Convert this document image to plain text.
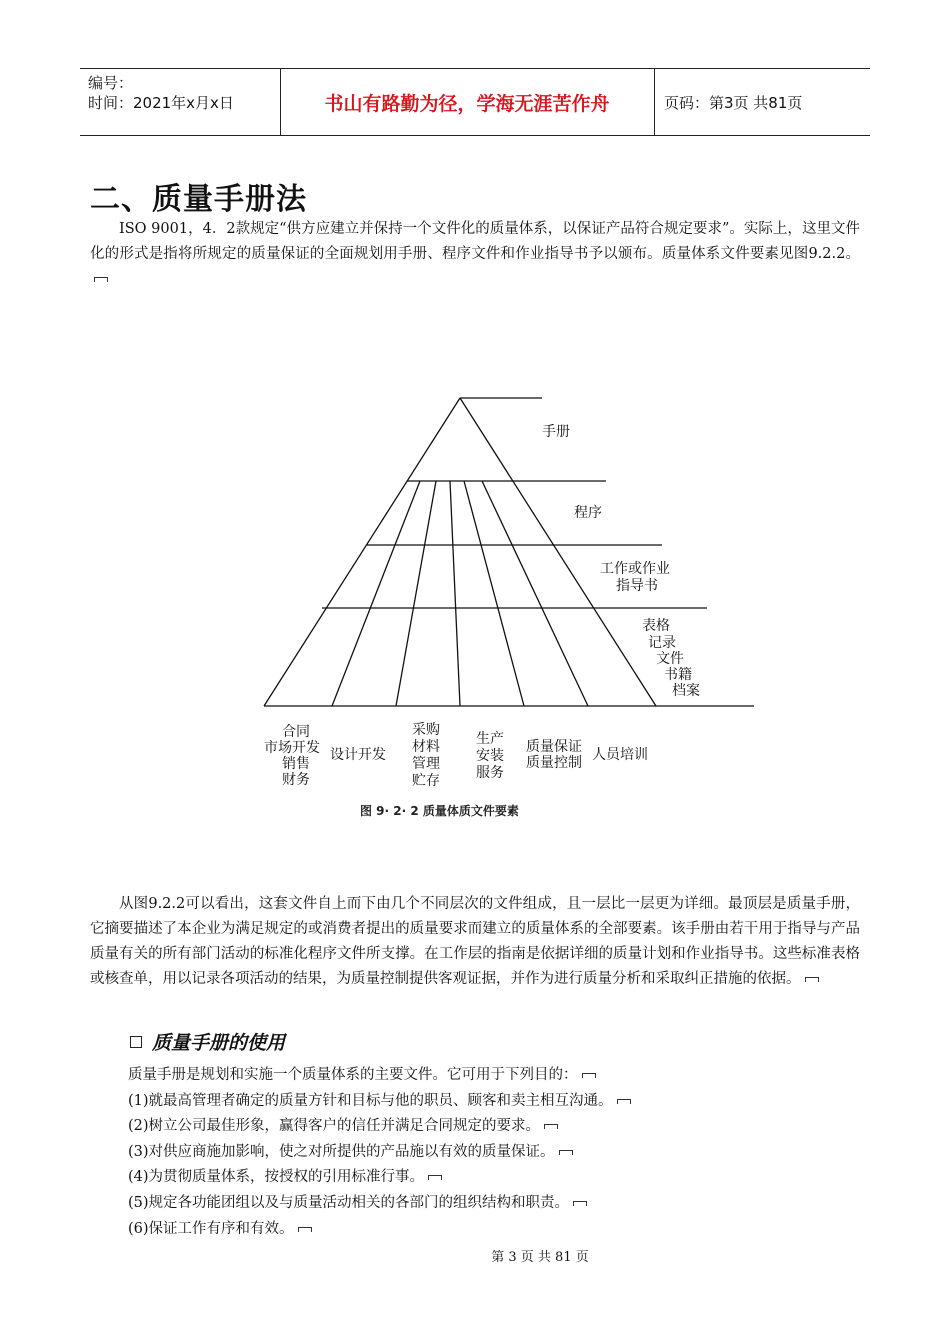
编号：
时间：2021年x月x日	书山有路勤为径，学海无涯苦作舟	页码：第3页 共81页
二、质量手册法

ISO 9001，4．2款规定“供方应建立并保持一个文件化的质量体系，以保证产品符合规定要求”。实际上，这里文件化的形式是指将所规定的质量保证的全面规划用手册、程序文件和作业指导书予以颁布。质量体系文件要素见图9.2.2。

手册
程序
工作或作业
指导书
表格
记录
文件
书籍
档案
合同
市场开发
销售
财务
设计开发
采购
材料
管理
贮存
生产
安装
服务
质量保证
质量控制 人员培训
图 9· 2· 2 质量体质文件要素

从图9.2.2可以看出，这套文件自上而下由几个不同层次的文件组成，且一层比一层更为详细。最顶层是质量手册，它摘要描述了本企业为满足规定的或消费者提出的质量要求而建立的质量体系的全部要素。该手册由若干用于指导与产品质量有关的所有部门活动的标准化程序文件所支撑。在工作层的指南是依据详细的质量计划和作业指导书。这些标准表格或核查单，用以记录各项活动的结果，为质量控制提供客观证据，并作为进行质量分析和采取纠正措施的依据。

质量手册的使用
质量手册是规划和实施一个质量体系的主要文件。它可用于下列目的：
(1)就最高管理者确定的质量方针和目标与他的职员、顾客和卖主相互沟通。
(2)树立公司最佳形象，赢得客户的信任并满足合同规定的要求。
(3)对供应商施加影响，使之对所提供的产品施以有效的质量保证。
(4)为贯彻质量体系，按授权的引用标准行事。
(5)规定各功能团组以及与质量活动相关的各部门的组织结构和职责。
(6)保证工作有序和有效。
第 3 页 共 81 页
